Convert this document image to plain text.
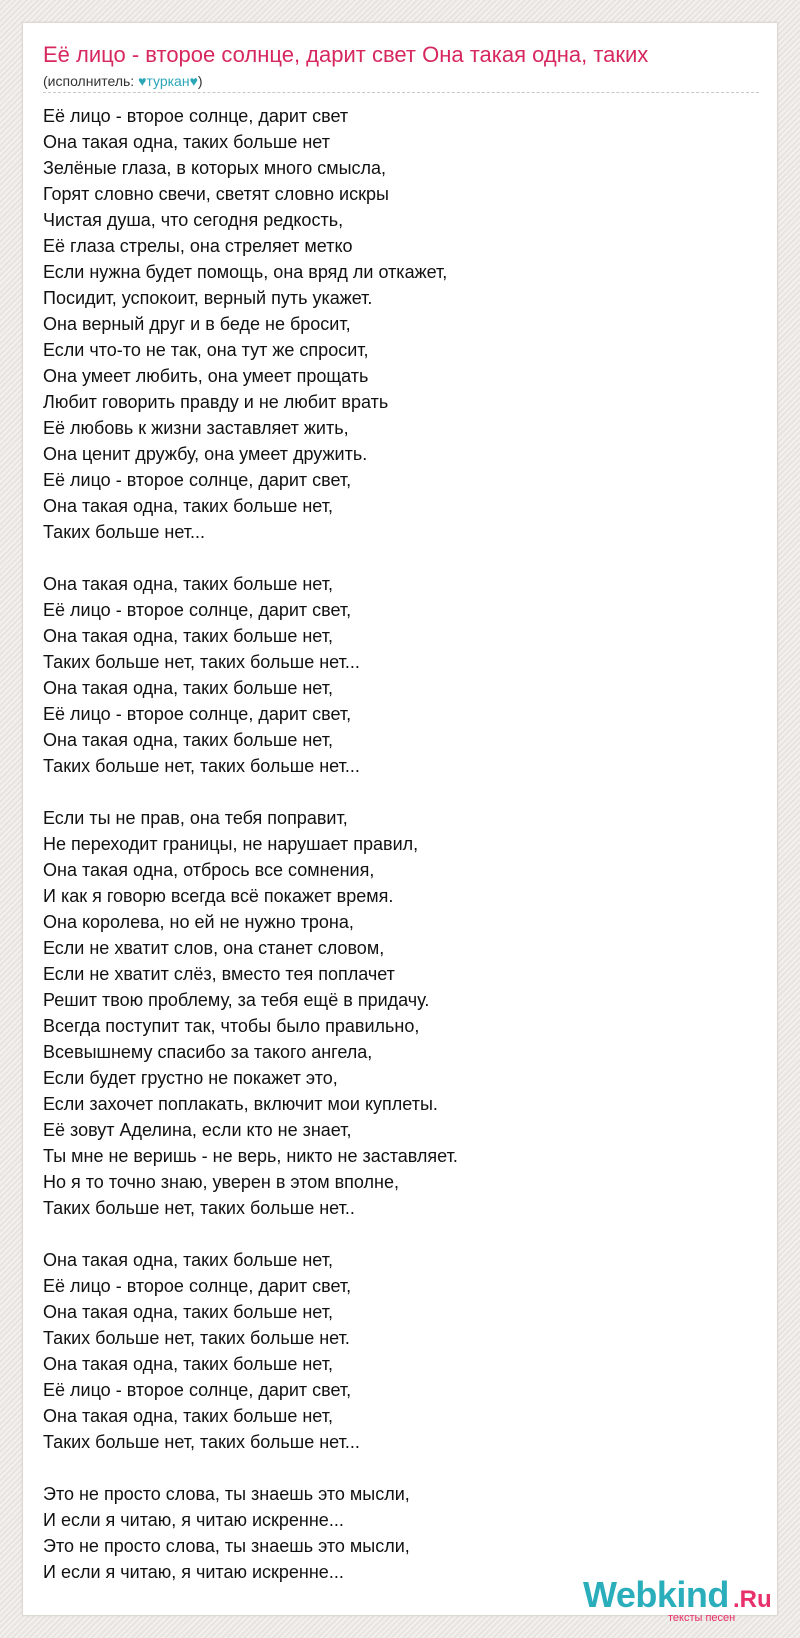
Её лицо - второе солнце, дарит свет Она такая одна, таких
(исполнитель: ♥туркан♥)
Её лицо - второе солнце, дарит свет
Она такая одна, таких больше нет
Зелёные глаза, в которых много смысла,
Горят словно свечи, светят словно искры
Чистая душа, что сегодня редкость,
Её глаза стрелы, она стреляет метко
Если нужна будет помощь, она вряд ли откажет,
Посидит, успокоит, верный путь укажет.
Она верный друг и в беде не бросит,
Если что-то не так, она тут же спросит,
Она умеет любить, она умеет прощать
Любит говорить правду и не любит врать
Её любовь к жизни заставляет жить,
Она ценит дружбу, она умеет дружить.
Её лицо - второе солнце, дарит свет,
Она такая одна, таких больше нет,
Таких больше нет...
Она такая одна, таких больше нет,
Её лицо - второе солнце, дарит свет,
Она такая одна, таких больше нет,
Таких больше нет, таких больше нет...
Она такая одна, таких больше нет,
Её лицо - второе солнце, дарит свет,
Она такая одна, таких больше нет,
Таких больше нет, таких больше нет...
Если ты не прав, она тебя поправит,
Не переходит границы, не нарушает правил,
Она такая одна, отбрось все сомнения,
И как я говорю всегда всё покажет время.
Она королева, но ей не нужно трона,
Если не хватит слов, она станет словом,
Если не хватит слёз, вместо тея поплачет
Решит твою проблему, за тебя ещё в придачу.
Всегда поступит так, чтобы было правильно,
Всевышнему спасибо за такого ангела,
Если будет грустно не покажет это,
Если захочет поплакать, включит мои куплеты.
Её зовут Аделина, если кто не знает,
Ты мне не веришь - не верь, никто не заставляет.
Но я то точно знаю, уверен в этом вполне,
Таких больше нет, таких больше нет..
Она такая одна, таких больше нет,
Её лицо - второе солнце, дарит свет,
Она такая одна, таких больше нет,
Таких больше нет, таких больше нет.
Она такая одна, таких больше нет,
Её лицо - второе солнце, дарит свет,
Она такая одна, таких больше нет,
Таких больше нет, таких больше нет...
Это не просто слова, ты знаешь это мысли,
И если я читаю, я читаю искренне...
Это не просто слова, ты знаешь это мысли,
И если я читаю, я читаю искренне...
Webkind .Ru
тексты песен
